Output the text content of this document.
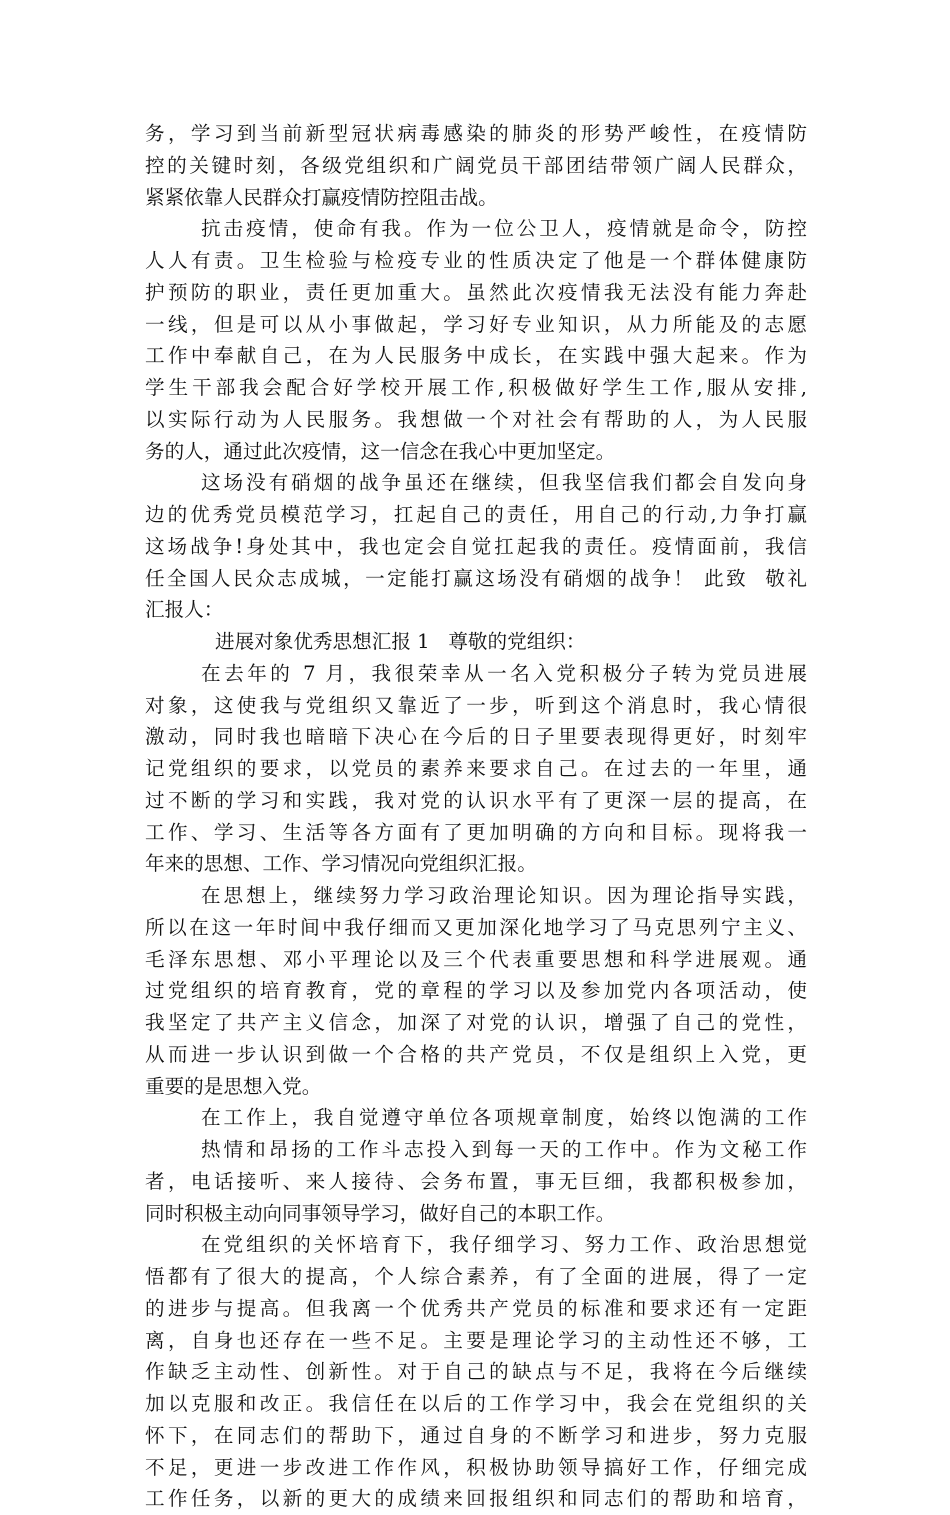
务，学习到当前新型冠状病毒感染的肺炎的形势严峻性，在疫情防
控的关键时刻，各级党组织和广阔党员干部团结带领广阔人民群众，
紧紧依靠人民群众打赢疫情防控阻击战。
抗击疫情，使命有我。作为一位公卫人，疫情就是命令，防控
人人有责。卫生检验与检疫专业的性质决定了他是一个群体健康防
护预防的职业，责任更加重大。虽然此次疫情我无法没有能力奔赴
一线，但是可以从小事做起，学习好专业知识，从力所能及的志愿
工作中奉献自己，在为人民服务中成长，在实践中强大起来。作为
学生干部我会配合好学校开展工作,积极做好学生工作,服从安排,
以实际行动为人民服务。我想做一个对社会有帮助的人，为人民服
务的人，通过此次疫情，这一信念在我心中更加坚定。
这场没有硝烟的战争虽还在继续，但我坚信我们都会自发向身
边的优秀党员模范学习，扛起自己的责任，用自己的行动,力争打赢
这场战争!身处其中，我也定会自觉扛起我的责任。疫情面前，我信
任全国人民众志成城，一定能打赢这场没有硝烟的战争！ 此致  敬礼
汇报人：
进展对象优秀思想汇报 1   尊敬的党组织：
在去年的 7 月，我很荣幸从一名入党积极分子转为党员进展
对象，这使我与党组织又靠近了一步，听到这个消息时，我心情很
激动，同时我也暗暗下决心在今后的日子里要表现得更好，时刻牢
记党组织的要求，以党员的素养来要求自己。在过去的一年里，通
过不断的学习和实践，我对党的认识水平有了更深一层的提高，在
工作、学习、生活等各方面有了更加明确的方向和目标。现将我一
年来的思想、工作、学习情况向党组织汇报。
在思想上，继续努力学习政治理论知识。因为理论指导实践，
所以在这一年时间中我仔细而又更加深化地学习了马克思列宁主义、
毛泽东思想、邓小平理论以及三个代表重要思想和科学进展观。通
过党组织的培育教育，党的章程的学习以及参加党内各项活动，使
我坚定了共产主义信念，加深了对党的认识，增强了自己的党性，
从而进一步认识到做一个合格的共产党员，不仅是组织上入党，更
重要的是思想入党。
在工作上，我自觉遵守单位各项规章制度，始终以饱满的工作
热情和昂扬的工作斗志投入到每一天的工作中。作为文秘工作
者，电话接听、来人接待、会务布置，事无巨细，我都积极参加，
同时积极主动向同事领导学习，做好自己的本职工作。
在党组织的关怀培育下，我仔细学习、努力工作、政治思想觉
悟都有了很大的提高，个人综合素养，有了全面的进展，得了一定
的进步与提高。但我离一个优秀共产党员的标准和要求还有一定距
离，自身也还存在一些不足。主要是理论学习的主动性还不够，工
作缺乏主动性、创新性。对于自己的缺点与不足，我将在今后继续
加以克服和改正。我信任在以后的工作学习中，我会在党组织的关
怀下，在同志们的帮助下，通过自身的不断学习和进步，努力克服
不足，更进一步改进工作作风，积极协助领导搞好工作，仔细完成
工作任务，以新的更大的成绩来回报组织和同志们的帮助和培育，
